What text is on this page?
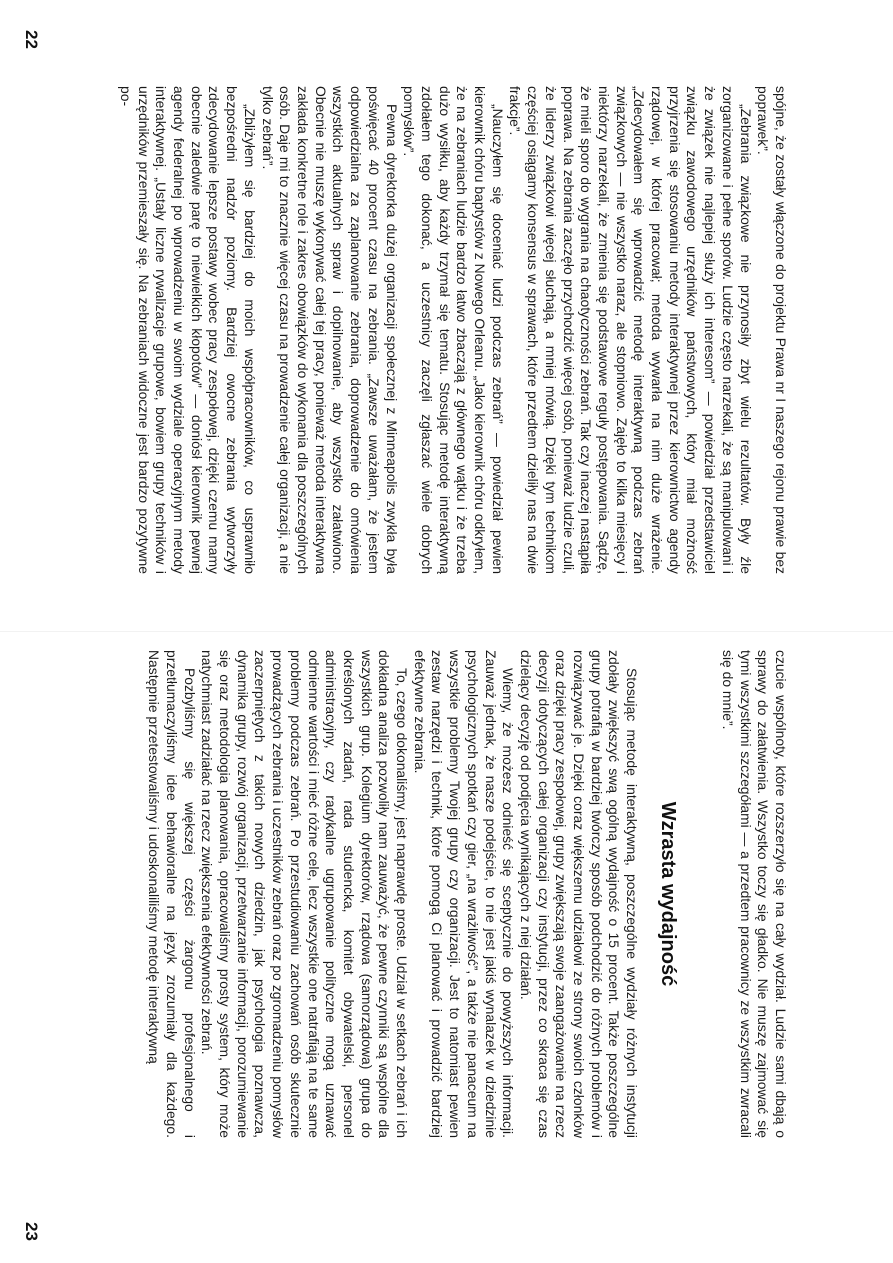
spójne, że zostały włączone do projektu Prawa nr I naszego rejonu prawie bez poprawek”.

„Zebrania związkowe nie przynosiły zbyt wielu rezultatów. Były źle zorganizowane i pełne sporów. Ludzie często narzekali, że są manipulowani i że związek nie najlepiej służy ich interesom” — powiedział przedstawiciel związku zawodowego urzędników państwowych, który miał możność przyjrzenia się stosowaniu metody interaktywnej przez kierownictwo agendy rządowej, w której pracował; metoda wywarła na nim duże wrażenie. „Zdecydowałem się wprowadzić metodę interaktywną podczas zebrań związkowych — nie wszystko naraz, ale stopniowo. Zajęło to kilka miesięcy i niektórzy narzekali, że zmienia się podstawowe reguły postępowania. Sądzę, że mieli sporo do wygrania na chaotyczności zebrań. Tak czy inaczej nastąpiła poprawa. Na zebrania zaczęło przychodzić więcej osób, ponieważ ludzie czuli, że liderzy związkowi więcej słuchają, a mniej mówią. Dzięki tym technikom częściej osiągamy konsensus w sprawach, które przedtem dzieliły nas na dwie frakcje”.

„Nauczyłem się doceniać ludzi podczas zebrań” — powiedział pewien kierownik chóru baptystów z Nowego Orleanu. „Jako kierownik chóru odkryłem, że na zebraniach ludzie bardzo łatwo zbaczają z głównego wątku i że trzeba dużo wysiłku, aby każdy trzymał się tematu. Stosując metodę interaktywną zdołałem tego dokonać, a uczestnicy zaczęli zgłaszać wiele dobrych pomysłów”.

Pewna dyrektorka dużej organizacji społecznej z Minneapolis zwykła była poświęcać 40 procent czasu na zebrania. „Zawsze uważałam, że jestem odpowiedzialna za zaplanowanie zebrania, doprowadzenie do omówienia wszystkich aktualnych spraw i dopilnowanie, aby wszystko załatwiono. Obecnie nie muszę wykonywać całej tej pracy, ponieważ metoda interaktywna zakłada konkretne role i zakres obowiązków do wykonania dla poszczególnych osób. Daje mi to znacznie więcej czasu na prowadzenie całej organizacji, a nie tylko zebrań”.

„Zbliżyłem się bardziej do moich współpracowników, co usprawniło bezpośredni nadzór poziomy. Bardziej owocne zebrania wytworzyły zdecydowanie lepsze postawy wobec pracy zespołowej, dzięki czemu mamy obecnie zaledwie parę to niewielkich kłopotów” — doniósł kierownik pewnej agendy federalnej po wprowadzeniu w swoim wydziale operacyjnym metody interaktywnej. „Ustały liczne rywalizacje grupowe, bowiem grupy techników i urzędników przemieszały się. Na zebraniach widoczne jest bardzo pozytywne po-

22

czucie wspólnoty, które rozszerzyło się na cały wydział. Ludzie sami dbają o sprawy do załatwienia. Wszystko toczy się gładko. Nie muszę zajmować się tymi wszystkimi szczegółami — a przedtem pracownicy ze wszystkim zwracali się do mnie”.

Wzrasta wydajność

Stosując metodę interaktywną, poszczególne wydziały różnych instytucji zdołały zwiększyć swą ogólną wydajność o 15 procent. Także poszczególne grupy potrafią w bardziej twórczy sposób podchodzić do różnych problemów i rozwiązywać je. Dzięki coraz większemu udziałowi ze strony swoich członków oraz dzięki pracy zespołowej, grupy zwiększają swoje zaangażowanie na rzecz decyzji dotyczących całej organizacji czy instytucji, przez co skraca się czas dzielący decyzję od podjęcia wynikających z niej działań.

Wiemy, że możesz odnieść się sceptycznie do powyższych informacji. Zauważ jednak, że nasze podejście, to nie jest jakiś wynalazek w dziedzinie psychologicznych spotkań czy gier, „na wrażliwość”, a także nie panaceum na wszystkie problemy Twojej grupy czy organizacji. Jest to natomiast pewien zestaw narzędzi i technik, które pomogą Ci planować i prowadzić bardziej efektywne zebrania.

To, czego dokonaliśmy, jest naprawdę proste. Udział w setkach zebrań i ich dokładna analiza pozwoliły nam zauważyć, że pewne czynniki są wspólne dla wszystkich grup. Kolegium dyrektorów, rządowa (samorządowa) grupa do określonych zadań, rada studencka, komitet obywatelski, personel administracyjny, czy radykalne ugrupowanie polityczne mogą uznawać odmienne wartości i mieć różne cele, lecz wszystkie one natrafiają na te same problemy podczas zebrań. Po przestudiowaniu zachowań osób skutecznie prowadzących zebrania i uczestników zebrań oraz po zgromadzeniu pomysłów zaczerpniętych z takich nowych dziedzin, jak psychologia poznawcza, dynamika grupy, rozwój organizacji, przetwarzanie informacji, porozumiewanie się oraz metodologia planowania, opracowaliśmy prosty system, który może natychmiast zadziałać na rzecz zwiększenia efektywności zebrań.

Pozbyliśmy się większej części żargonu profesjonalnego i przetłumaczyliśmy idee behawioralne na język zrozumiały dla każdego. Następnie przetestowaliśmy i udoskonaliliśmy metodę interaktywną

23
